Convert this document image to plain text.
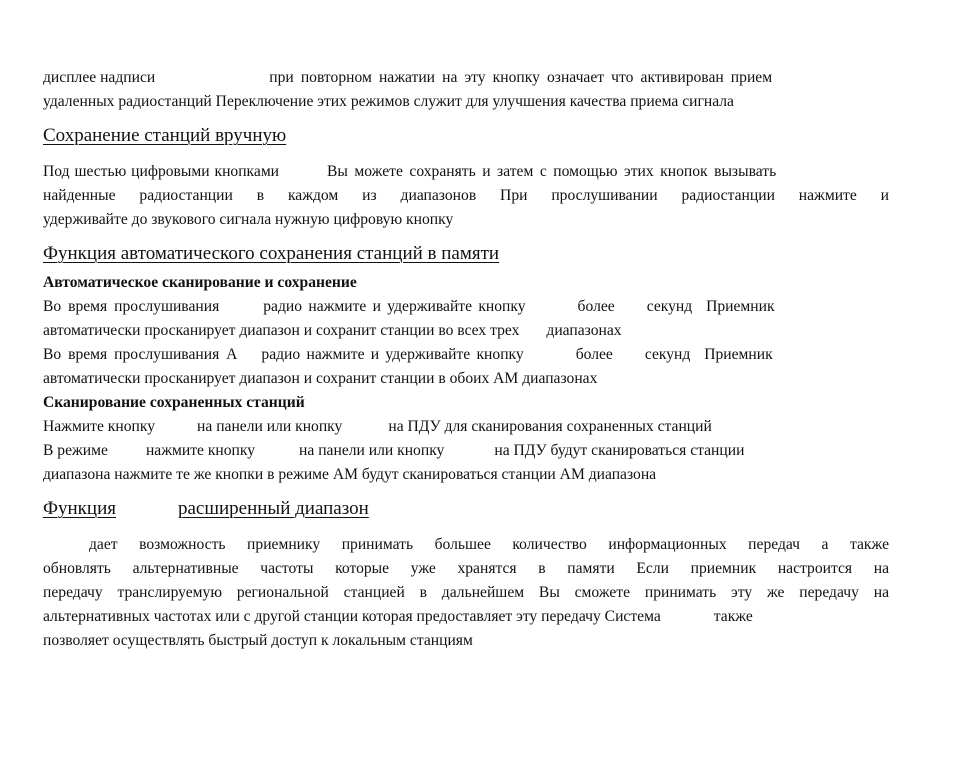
дисплее надписи	при повторном нажатии на эту кнопку означает что активирован прием
удаленных радиостанций Переключение этих режимов служит для улучшения качества приема сигнала
Сохранение станций вручную
Под шестью цифровыми кнопками	Вы можете сохранять и затем с помощью этих кнопок вызывать
найденные радиостанции в каждом из диапазонов При прослушивании радиостанции нажмите и
удерживайте до звукового сигнала нужную цифровую кнопку
Функция автоматического сохранения станций в памяти
Автоматическое сканирование и сохранение
Во время прослушивания	радио нажмите и удерживайте кнопку	более секунд Приемник
автоматически просканирует диапазон и сохранит станции во всех трех диапазонах
Во время прослушивания А радио нажмите и удерживайте кнопку	более секунд Приемник
автоматически просканирует диапазон и сохранит станции в обоих АМ диапазонах
Сканирование сохраненных станций
Нажмите кнопку	на панели или кнопку	на ПДУ для сканирования сохраненных станций
В режиме нажмите кнопку	на панели или кнопку	на ПДУ будут сканироваться станции
диапазона нажмите те же кнопки в режиме АМ будут сканироваться станции АМ диапазона
Функция	расширенный диапазон
дает возможность приемнику принимать большее количество информационных передач а также
обновлять альтернативные частоты которые уже хранятся в памяти Если приемник настроится на
передачу транслируемую региональной станцией в дальнейшем Вы сможете принимать эту же передачу на
альтернативных частотах или с другой станции которая предоставляет эту передачу Система	также
позволяет осуществлять быстрый доступ к локальным станциям
